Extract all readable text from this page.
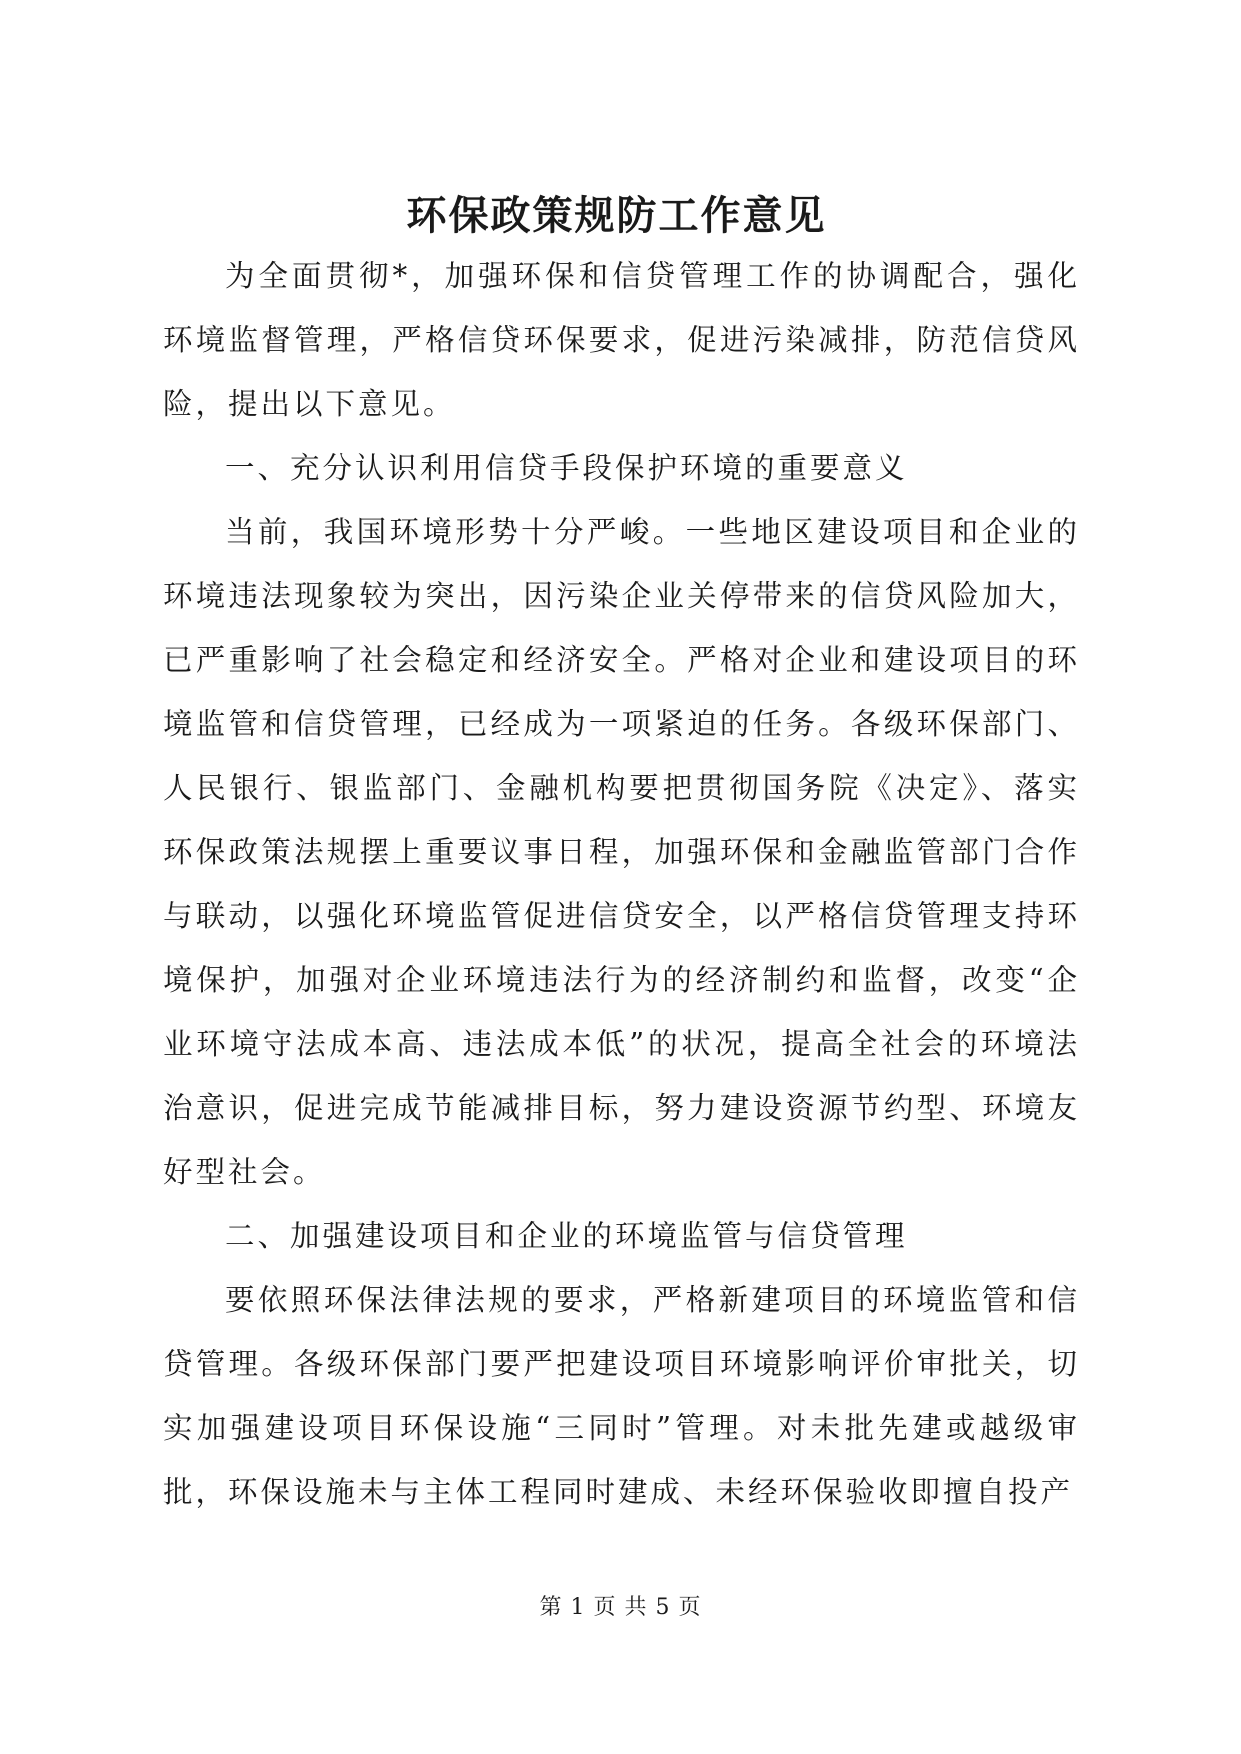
环保政策规防工作意见

为全面贯彻*，加强环保和信贷管理工作的协调配合，强化环境监督管理，严格信贷环保要求，促进污染减排，防范信贷风险，提出以下意见。

一、充分认识利用信贷手段保护环境的重要意义

当前，我国环境形势十分严峻。一些地区建设项目和企业的环境违法现象较为突出，因污染企业关停带来的信贷风险加大，已严重影响了社会稳定和经济安全。严格对企业和建设项目的环境监管和信贷管理，已经成为一项紧迫的任务。各级环保部门、人民银行、银监部门、金融机构要把贯彻国务院《决定》、落实环保政策法规摆上重要议事日程，加强环保和金融监管部门合作与联动，以强化环境监管促进信贷安全，以严格信贷管理支持环境保护，加强对企业环境违法行为的经济制约和监督，改变“企业环境守法成本高、违法成本低”的状况，提高全社会的环境法治意识，促进完成节能减排目标，努力建设资源节约型、环境友好型社会。

二、加强建设项目和企业的环境监管与信贷管理

要依照环保法律法规的要求，严格新建项目的环境监管和信贷管理。各级环保部门要严把建设项目环境影响评价审批关，切实加强建设项目环保设施“三同时”管理。对未批先建或越级审批，环保设施未与主体工程同时建成、未经环保验收即擅自投产

第 1 页 共 5 页
